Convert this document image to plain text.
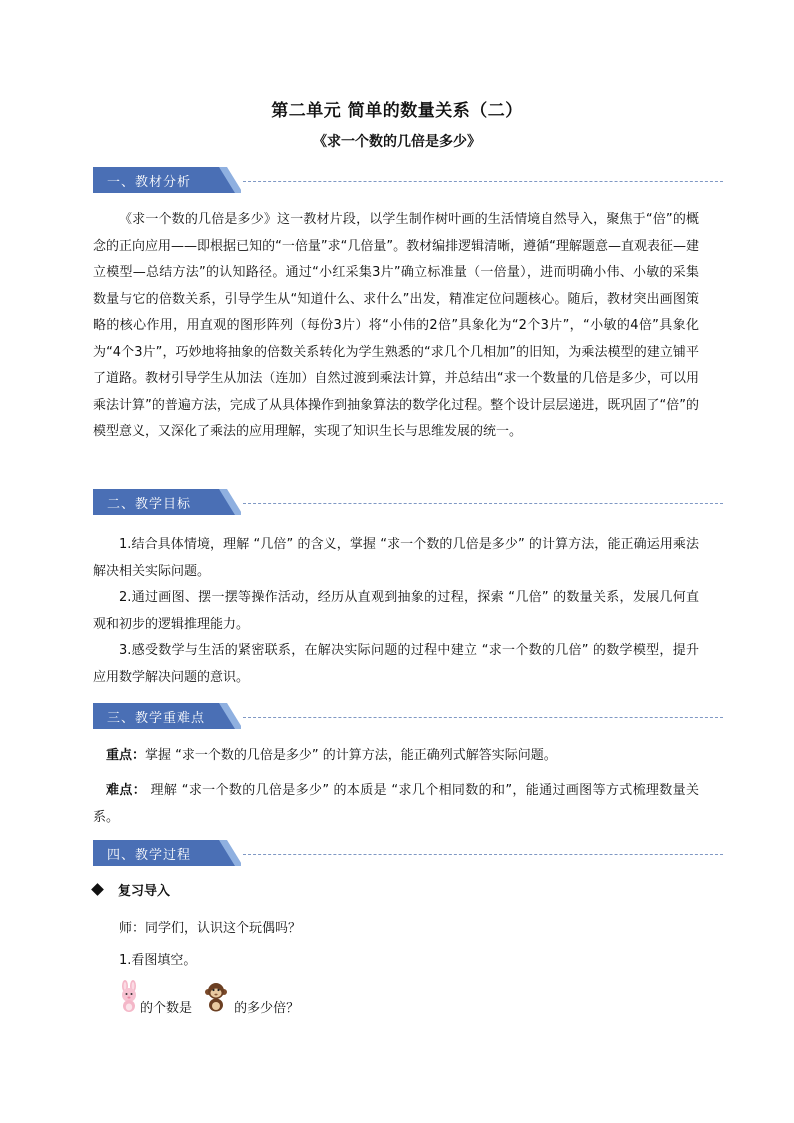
第二单元 简单的数量关系（二）
《求一个数的几倍是多少》
一、教材分析
《求一个数的几倍是多少》这一教材片段，以学生制作树叶画的生活情境自然导入，聚焦于“倍”的概念的正向应用——即根据已知的“一倍量”求“几倍量”。教材编排逻辑清晰，遵循“理解题意—直观表征—建立模型—总结方法”的认知路径。通过“小红采集3片”确立标准量（一倍量），进而明确小伟、小敏的采集数量与它的倍数关系，引导学生从“知道什么、求什么”出发，精准定位问题核心。随后，教材突出画图策略的核心作用，用直观的图形阵列（每份3片）将“小伟的2倍”具象化为“2个3片”，“小敏的4倍”具象化为“4个3片”，巧妙地将抽象的倍数关系转化为学生熟悉的“求几个几相加”的旧知，为乘法模型的建立铺平了道路。教材引导学生从加法（连加）自然过渡到乘法计算，并总结出“求一个数量的几倍是多少，可以用乘法计算”的普遍方法，完成了从具体操作到抽象算法的数学化过程。整个设计层层递进，既巩固了“倍”的模型意义，又深化了乘法的应用理解，实现了知识生长与思维发展的统一。
二、教学目标
1.结合具体情境，理解 “几倍” 的含义，掌握 “求一个数的几倍是多少” 的计算方法，能正确运用乘法解决相关实际问题。
2.通过画图、摆一摆等操作活动，经历从直观到抽象的过程，探索 “几倍” 的数量关系，发展几何直观和初步的逻辑推理能力。
3.感受数学与生活的紧密联系，在解决实际问题的过程中建立 “求一个数的几倍” 的数学模型，提升应用数学解决问题的意识。
三、教学重难点
重点：掌握 “求一个数的几倍是多少” 的计算方法，能正确列式解答实际问题。
难点： 理解 “求一个数的几倍是多少” 的本质是 “求几个相同数的和”，能通过画图等方式梳理数量关系。
四、教学过程
复习导入
师：同学们，认识这个玩偶吗？
1.看图填空。
的个数是	的多少倍？
